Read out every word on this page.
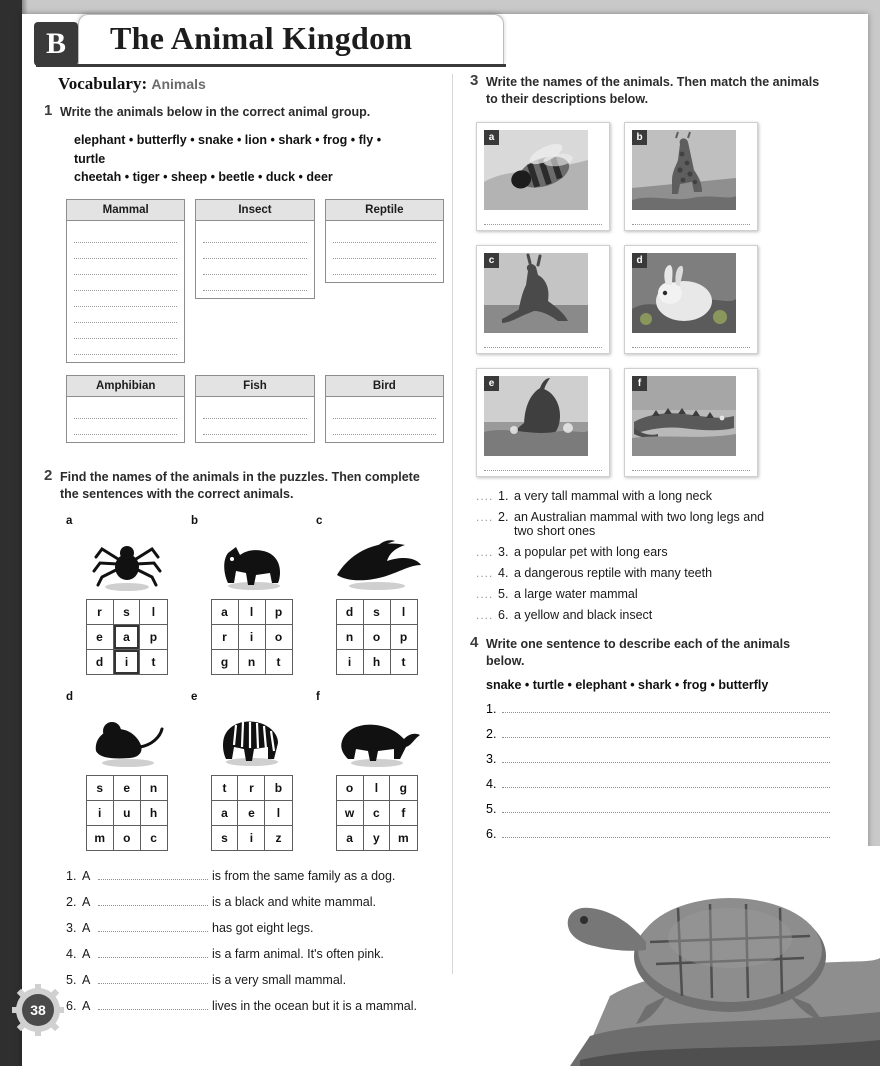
B	The Animal Kingdom
Vocabulary: Animals
1 Write the animals below in the correct animal group.
elephant • butterfly • snake • lion • shark • frog • fly • turtle
cheetah • tiger • sheep • beetle • duck • deer
Mammal	Insect	Reptile
Amphibian	Fish	Bird
2 Find the names of the animals in the puzzles. Then complete
the sentences with the correct animals.
a
r	s	l
e	a	p
d	i	t
b
a	l	p
r	i	o
g	n	t
c
d	s	l
n	o	p
i	h	t
d
s	e	n
i	u	h
m	o	c
e
t	r	b
a	e	l
s	i	z
f
o	l	g
w	c	f
a	y	m
1. A	is from the same family as a dog.
2. A	is a black and white mammal.
3. A	has got eight legs.
4. A	is a farm animal. It's often pink.
5. A	is a very small mammal.
6. A	lives in the ocean but it is a mammal.
3 Write the names of the animals. Then match the animals
to their descriptions below.
a	b
c	d
e	f
.... 1. a very tall mammal with a long neck
.... 2. an Australian mammal with two long legs and two short ones
.... 3. a popular pet with long ears
.... 4. a dangerous reptile with many teeth
.... 5. a large water mammal
.... 6. a yellow and black insect
4 Write one sentence to describe each of the animals below.
snake • turtle • elephant • shark • frog • butterfly
1.
2.
3.
4.
5.
6.
38
